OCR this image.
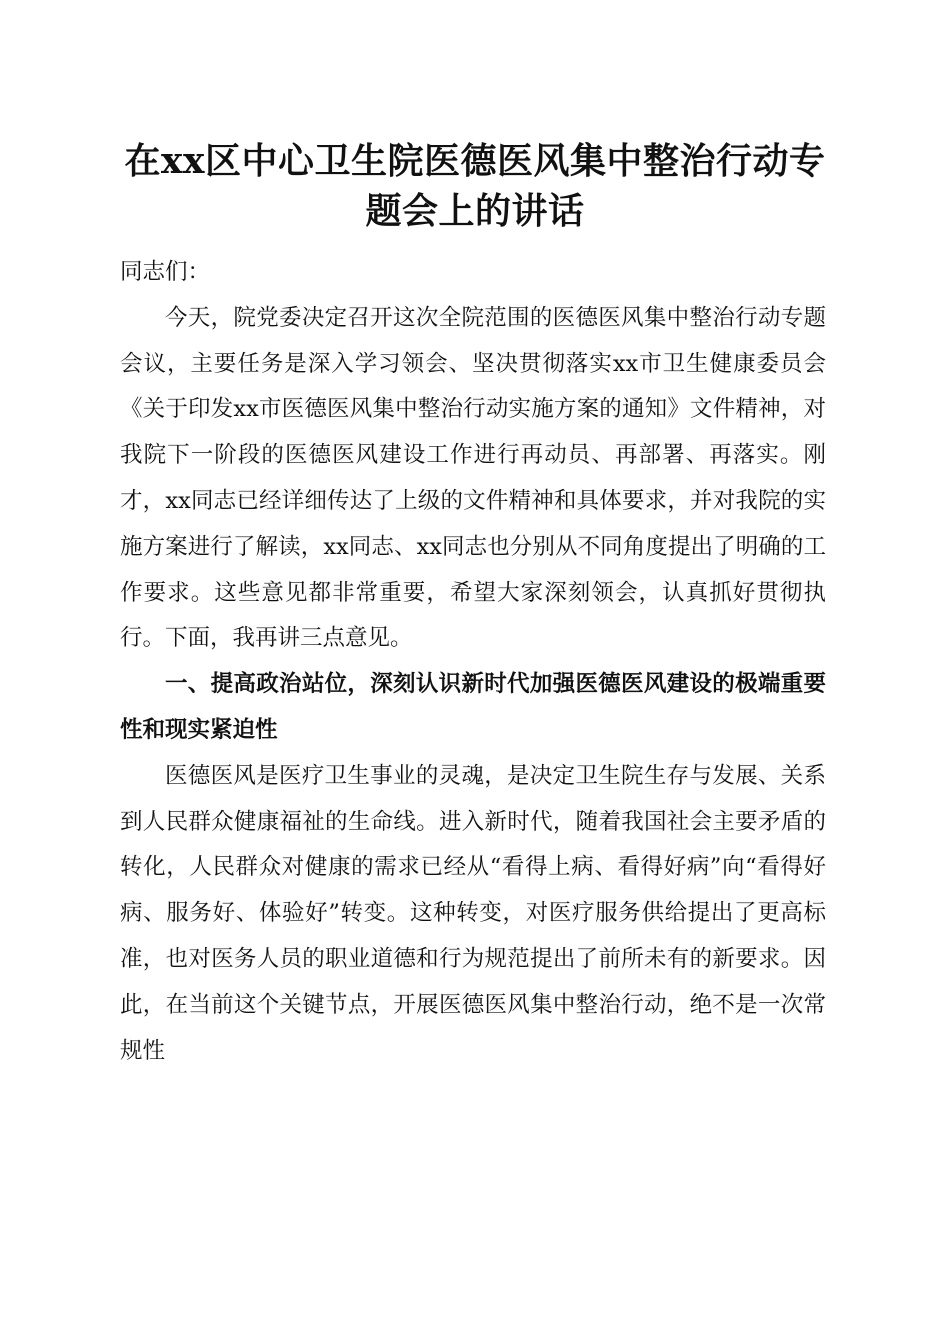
在xx区中心卫生院医德医风集中整治行动专题会上的讲话

同志们：

今天，院党委决定召开这次全院范围的医德医风集中整治行动专题会议，主要任务是深入学习领会、坚决贯彻落实xx市卫生健康委员会《关于印发xx市医德医风集中整治行动实施方案的通知》文件精神，对我院下一阶段的医德医风建设工作进行再动员、再部署、再落实。刚才，xx同志已经详细传达了上级的文件精神和具体要求，并对我院的实施方案进行了解读，xx同志、xx同志也分别从不同角度提出了明确的工作要求。这些意见都非常重要，希望大家深刻领会，认真抓好贯彻执行。下面，我再讲三点意见。

一、提高政治站位，深刻认识新时代加强医德医风建设的极端重要性和现实紧迫性

医德医风是医疗卫生事业的灵魂，是决定卫生院生存与发展、关系到人民群众健康福祉的生命线。进入新时代，随着我国社会主要矛盾的转化，人民群众对健康的需求已经从“看得上病、看得好病”向“看得好病、服务好、体验好”转变。这种转变，对医疗服务供给提出了更高标准，也对医务人员的职业道德和行为规范提出了前所未有的新要求。因此，在当前这个关键节点，开展医德医风集中整治行动，绝不是一次常规性
